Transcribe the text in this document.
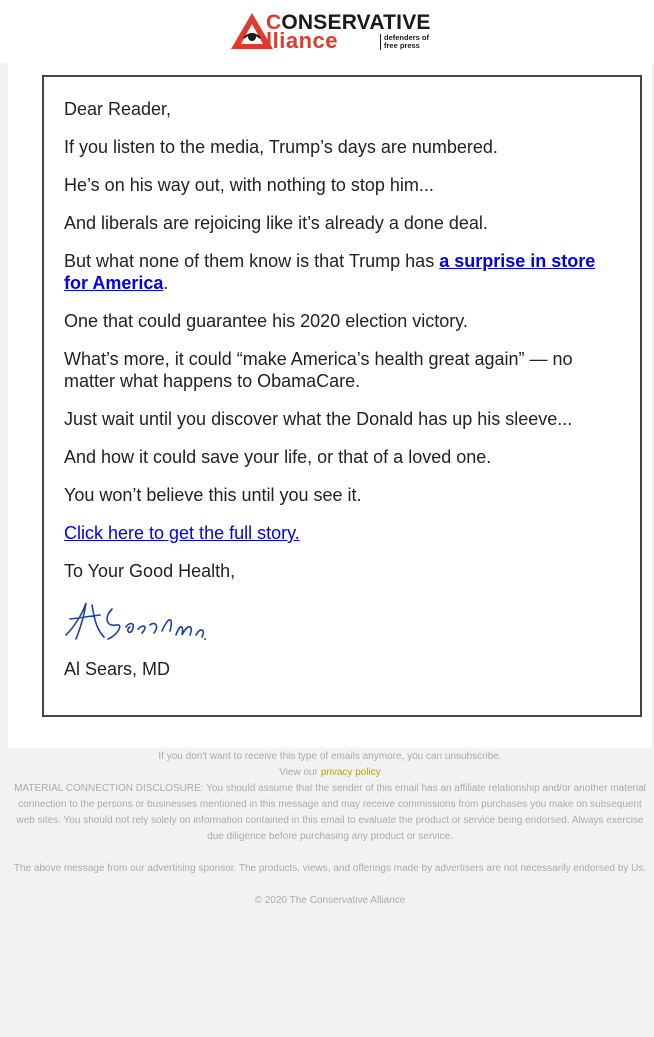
CONSERVATIVE
lliance	defenders of free press

Dear Reader,

If you listen to the media, Trump’s days are numbered.

He’s on his way out, with nothing to stop him...

And liberals are rejoicing like it’s already a done deal.

But what none of them know is that Trump has a surprise in store for America.

One that could guarantee his 2020 election victory.

What’s more, it could “make America’s health great again” — no matter what happens to ObamaCare.

Just wait until you discover what the Donald has up his sleeve...

And how it could save your life, or that of a loved one.

You won’t believe this until you see it.

Click here to get the full story.

To Your Good Health,

Al Sears, MD

If you don't want to receive this type of emails anymore, you can unsubscribe.
View our privacy policy
MATERIAL CONNECTION DISCLOSURE: You should assume that the sender of this email has an affiliate relationship and/or another material connection to the persons or businesses mentioned in this message and may receive commissions from purchases you make on subsequent web sites. You should not rely solely on information contained in this email to evaluate the product or service being endorsed. Always exercise due diligence before purchasing any product or service.
The above message from our advertising sponsor. The products, views, and offerings made by advertisers are not necessarily endorsed by Us.
© 2020 The Conservative Alliance
